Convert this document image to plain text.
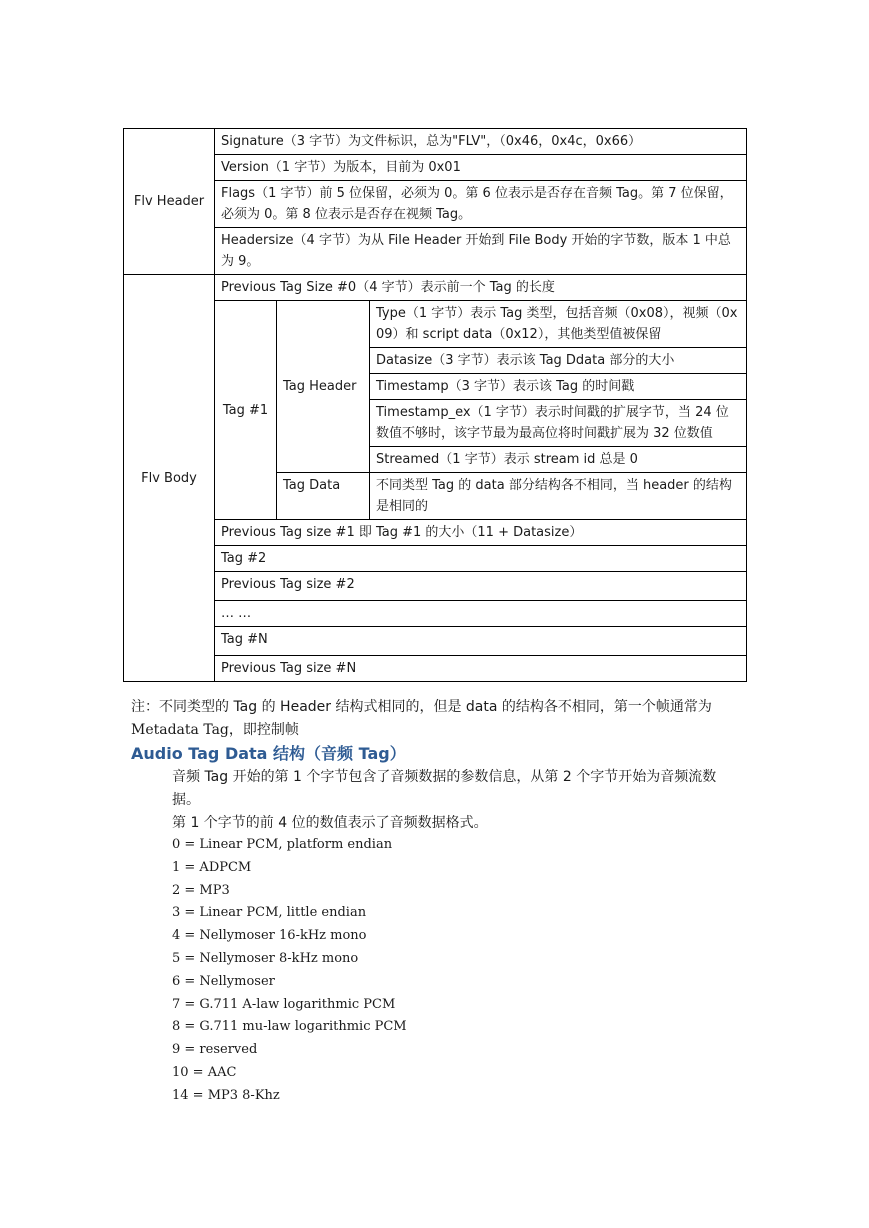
Flv Header	Signature（3 字节）为文件标识，总为"FLV"，（0x46，0x4c，0x66）		
	Version（1 字节）为版本，目前为 0x01		
	Flags（1 字节）前 5 位保留，必须为 0。第 6 位表示是否存在音频 Tag。第 7 位保留，必须为 0。第 8 位表示是否存在视频 Tag。		
	Headersize（4 字节）为从 File Header 开始到 File Body 开始的字节数，版本 1 中总为 9。		
Flv Body	Previous Tag Size #0（4 字节）表示前一个 Tag 的长度		
	Tag #1	Tag Header	Type（1 字节）表示 Tag 类型，包括音频（0x08），视频（0x09）和 script data（0x12），其他类型值被保留
			Datasize（3 字节）表示该 Tag Ddata 部分的大小
			Timestamp（3 字节）表示该 Tag 的时间戳
			Timestamp_ex（1 字节）表示时间戳的扩展字节，当 24 位数值不够时，该字节最为最高位将时间戳扩展为 32 位数值
			Streamed（1 字节）表示 stream id 总是 0
		Tag Data	不同类型 Tag 的 data 部分结构各不相同，当 header 的结构是相同的
	Previous Tag size #1 即 Tag #1 的大小（11 + Datasize）		
	Tag #2		
	Previous Tag size #2		
	… …		
	Tag #N		
	Previous Tag size #N		
注：不同类型的 Tag 的 Header 结构式相同的，但是 data 的结构各不相同，第一个帧通常为
Metadata Tag，即控制帧
Audio Tag Data 结构（音频 Tag）

音频 Tag 开始的第 1 个字节包含了音频数据的参数信息，从第 2 个字节开始为音频流数据。

第 1 个字节的前 4 位的数值表示了音频数据格式。

0 = Linear PCM, platform endian
1 = ADPCM
2 = MP3
3 = Linear PCM, little endian
4 = Nellymoser 16-kHz mono
5 = Nellymoser 8-kHz mono
6 = Nellymoser
7 = G.711 A-law logarithmic PCM
8 = G.711 mu-law logarithmic PCM
9 = reserved
10 = AAC
14 = MP3 8-Khz
